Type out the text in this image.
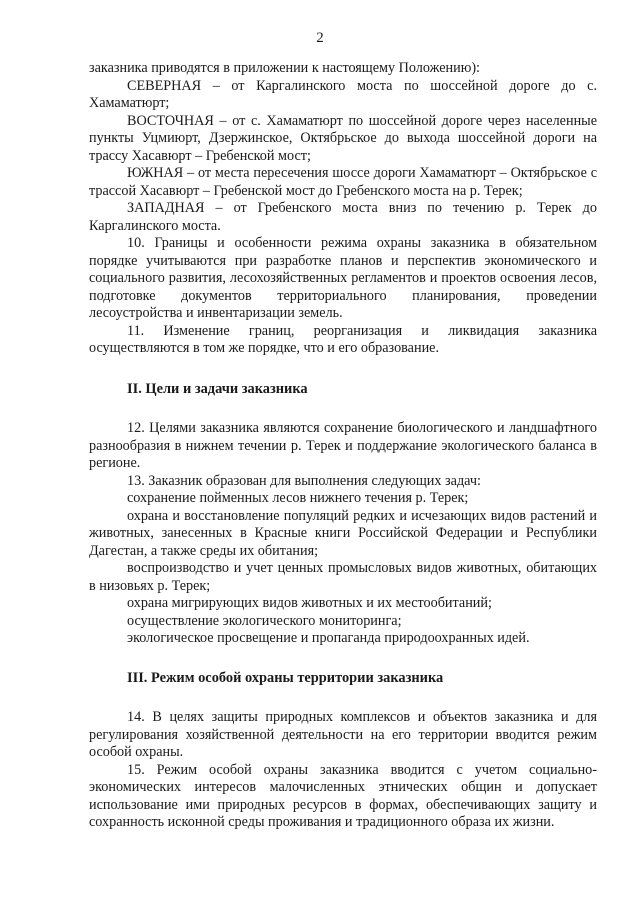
2

заказника приводятся в приложении к настоящему Положению):

СЕВЕРНАЯ – от Каргалинского моста по шоссейной дороге до с. Хамаматюрт;

ВОСТОЧНАЯ – от с. Хамаматюрт по шоссейной дороге через населенные пункты Уцмиюрт, Дзержинское, Октябрьское до выхода шоссейной дороги на трассу Хасавюрт – Гребенской мост;

ЮЖНАЯ – от места пересечения шоссе дороги Хамаматюрт – Октябрьское с трассой Хасавюрт – Гребенской мост до Гребенского моста на р. Терек;

ЗАПАДНАЯ – от Гребенского моста вниз по течению р. Терек до Каргалинского моста.

10. Границы и особенности режима охраны заказника в обязательном порядке учитываются при разработке планов и перспектив экономического и социального развития, лесохозяйственных регламентов и проектов освоения лесов, подготовке документов территориального планирования, проведении лесоустройства и инвентаризации земель.

11. Изменение границ, реорганизация и ликвидация заказника осуществляются в том же порядке, что и его образование.

II. Цели и задачи заказника

12. Целями заказника являются сохранение биологического и ландшафтного разнообразия в нижнем течении р. Терек и поддержание экологического баланса в регионе.

13. Заказник образован для выполнения следующих задач:

сохранение пойменных лесов нижнего течения р. Терек;

охрана и восстановление популяций редких и исчезающих видов растений и животных, занесенных в Красные книги Российской Федерации и Республики Дагестан, а также среды их обитания;

воспроизводство и учет ценных промысловых видов животных, обитающих в низовьях р. Терек;

охрана мигрирующих видов животных и их местообитаний;

осуществление экологического мониторинга;

экологическое просвещение и пропаганда природоохранных идей.

III. Режим особой охраны территории заказника

14. В целях защиты природных комплексов и объектов заказника и для регулирования хозяйственной деятельности на его территории вводится режим особой охраны.

15. Режим особой охраны заказника вводится с учетом социально-экономических интересов малочисленных этнических общин и допускает использование ими природных ресурсов в формах, обеспечивающих защиту и сохранность исконной среды проживания и традиционного образа их жизни.
